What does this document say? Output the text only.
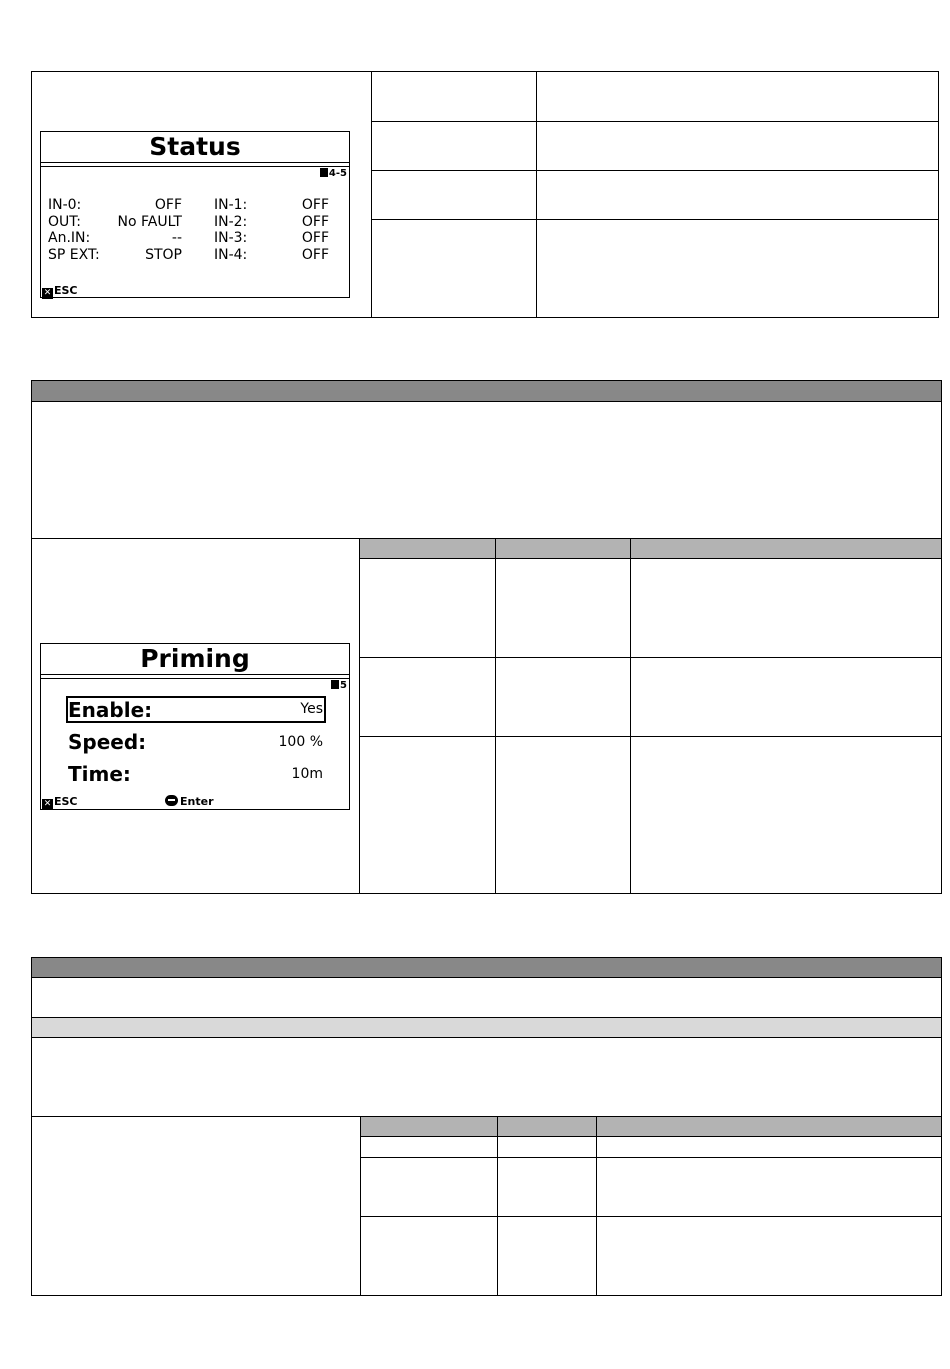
Status
4-5
IN-0:	OFF IN-1:	OFF
OUT:	No FAULT IN-2:	OFF
An.IN:	-- IN-3:	OFF
SP EXT:	STOP IN-4:	OFF
✕ ESC
Priming
5
Enable:	Yes
Speed:	100 %
Time:	10m
✕ ESC	Enter
